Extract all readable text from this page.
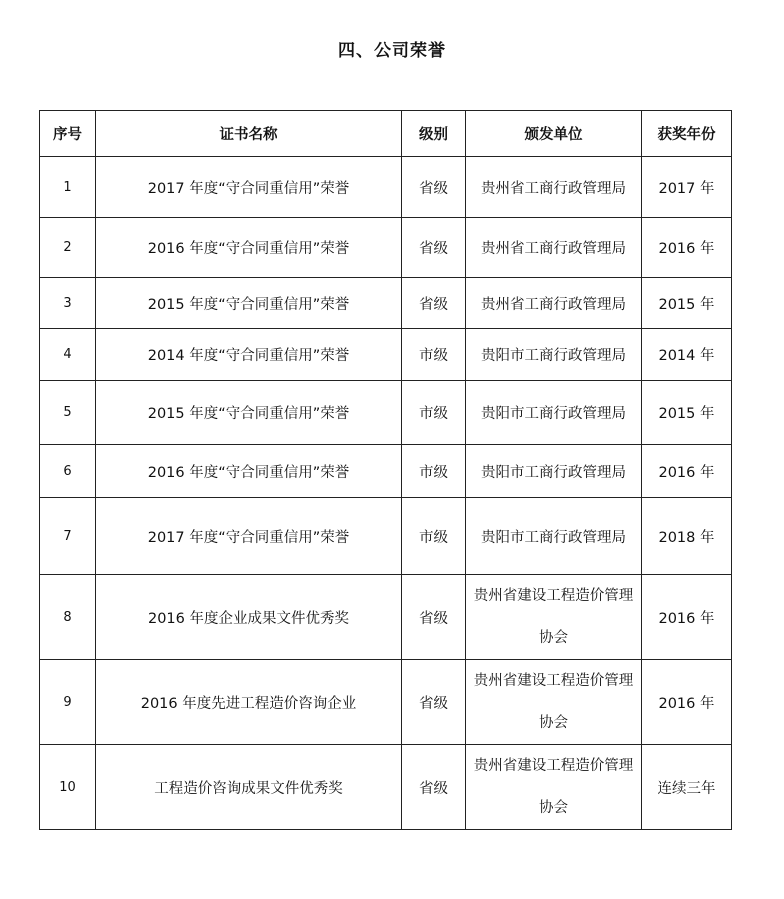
四、公司荣誉
序号	证书名称	级别	颁发单位	获奖年份
1	2017 年度“守合同重信用”荣誉	省级	贵州省工商行政管理局	2017 年
2	2016 年度“守合同重信用”荣誉	省级	贵州省工商行政管理局	2016 年
3	2015 年度“守合同重信用”荣誉	省级	贵州省工商行政管理局	2015 年
4	2014 年度“守合同重信用”荣誉	市级	贵阳市工商行政管理局	2014 年
5	2015 年度“守合同重信用”荣誉	市级	贵阳市工商行政管理局	2015 年
6	2016 年度“守合同重信用”荣誉	市级	贵阳市工商行政管理局	2016 年
7	2017 年度“守合同重信用”荣誉	市级	贵阳市工商行政管理局	2018 年
8	2016 年度企业成果文件优秀奖	省级	贵州省建设工程造价管理协会	2016 年
9	2016 年度先进工程造价咨询企业	省级	贵州省建设工程造价管理协会	2016 年
10	工程造价咨询成果文件优秀奖	省级	贵州省建设工程造价管理协会	连续三年
